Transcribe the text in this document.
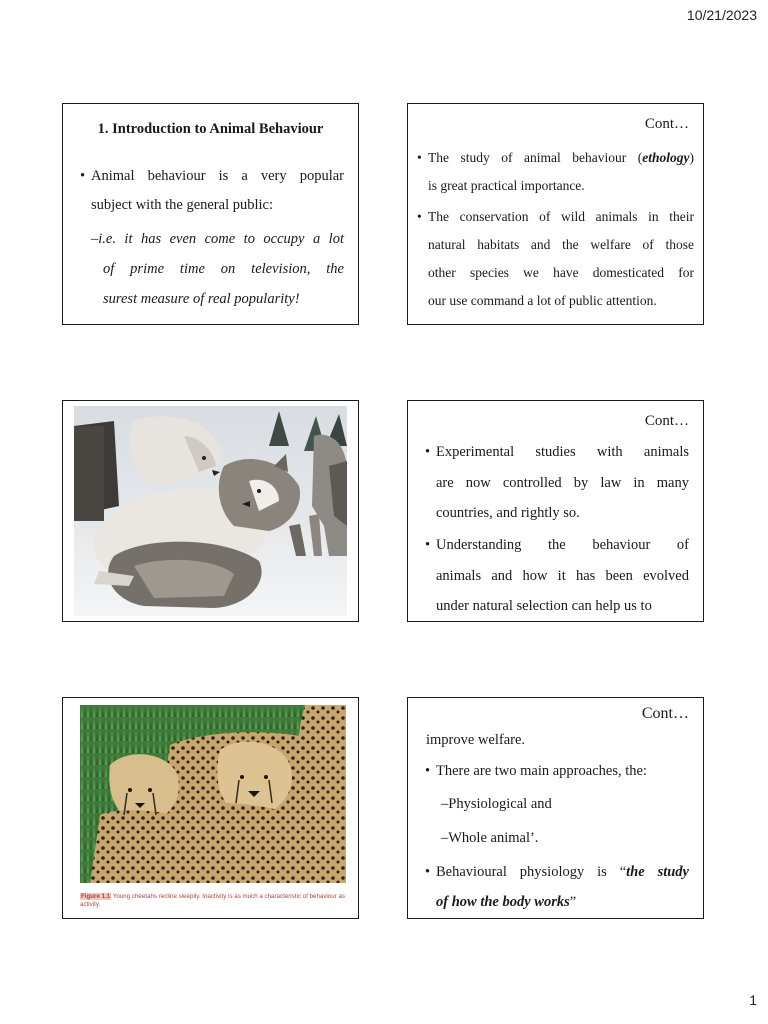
10/21/2023
1. Introduction to Animal Behaviour
• Animal behaviour is a very popular
subject with the general public:
–i.e. it has even come to occupy a lot
of prime time on television, the
surest measure of real popularity!
Cont…
• The study of animal behaviour (ethology)
is great practical importance.
• The conservation of wild animals in their
natural habitats and the welfare of those
other species we have domesticated for
our use command a lot of public attention.
Cont…
• Experimental studies with animals
are now controlled by law in many
countries, and rightly so.
• Understanding the behaviour of
animals and how it has been evolved
under natural selection can help us to
Figure 1.1 Young cheetahs recline sleepily. Inactivity is as much a characteristic of behaviour as activity.
Cont…
improve welfare.
• There are two main approaches, the:
–Physiological and
–Whole animal’.
• Behavioural physiology is “the study
of how the body works”
1
